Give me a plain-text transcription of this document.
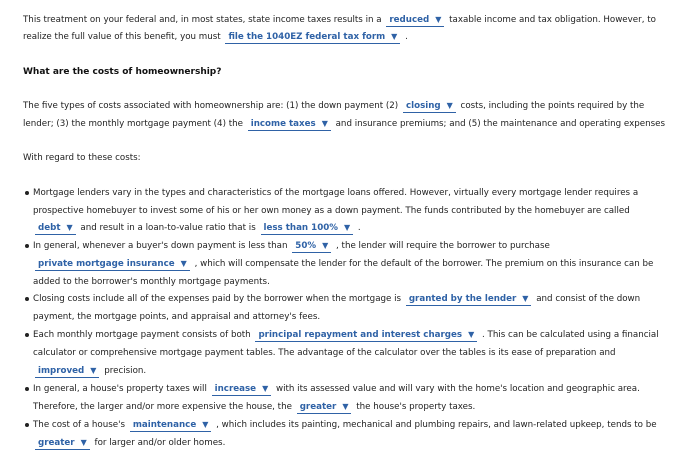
This treatment on your federal and, in most states, state income taxes results in a reduced ▼ taxable income and tax obligation. However, to
realize the full value of this benefit, you must file the 1040EZ federal tax form ▼ .
What are the costs of homeownership?
The five types of costs associated with homeownership are: (1) the down payment (2) closing ▼ costs, including the points required by the
lender; (3) the monthly mortgage payment (4) the income taxes ▼ and insurance premiums; and (5) the maintenance and operating expenses
With regard to these costs:
Mortgage lenders vary in the types and characteristics of the mortgage loans offered. However, virtually every mortgage lender requires a
prospective homebuyer to invest some of his or her own money as a down payment. The funds contributed by the homebuyer are called
debt ▼ and result in a loan-to-value ratio that is less than 100% ▼ .
In general, whenever a buyer's down payment is less than 50% ▼ , the lender will require the borrower to purchase
private mortgage insurance ▼ , which will compensate the lender for the default of the borrower. The premium on this insurance can be
added to the borrower's monthly mortgage payments.
Closing costs include all of the expenses paid by the borrower when the mortgage is granted by the lender ▼ and consist of the down
payment, the mortgage points, and appraisal and attorney's fees.
Each monthly mortgage payment consists of both principal repayment and interest charges ▼ . This can be calculated using a financial
calculator or comprehensive mortgage payment tables. The advantage of the calculator over the tables is its ease of preparation and
improved ▼ precision.
In general, a house's property taxes will increase ▼ with its assessed value and will vary with the home's location and geographic area.
Therefore, the larger and/or more expensive the house, the greater ▼ the house's property taxes.
The cost of a house's maintenance ▼ , which includes its painting, mechanical and plumbing repairs, and lawn-related upkeep, tends to be
greater ▼ for larger and/or older homes.
